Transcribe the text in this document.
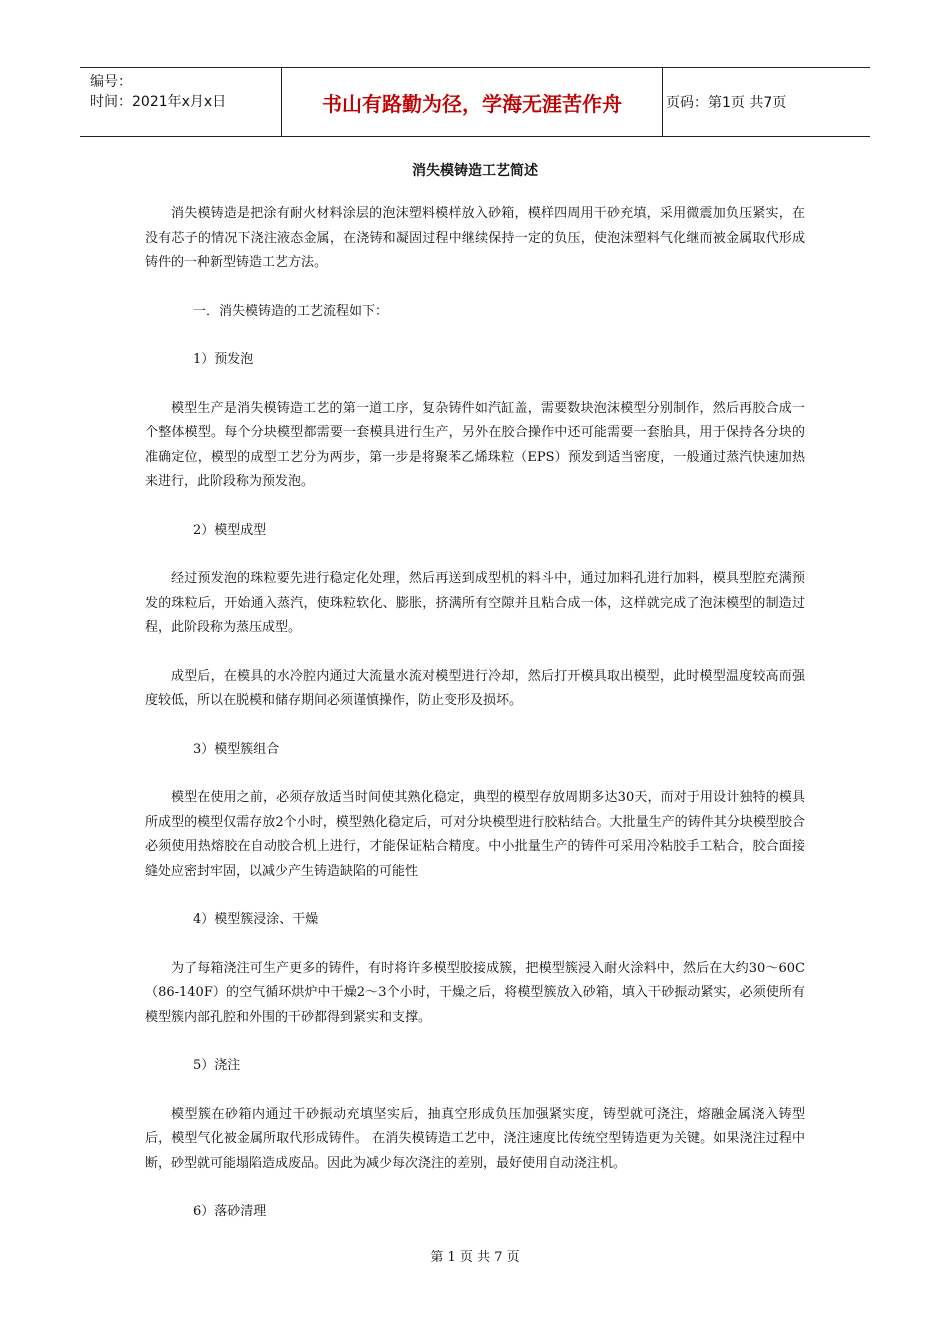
编号：
时间：2021年x月x日	书山有路勤为径，学海无涯苦作舟	页码：第1页 共7页
消失模铸造工艺简述

消失模铸造是把涂有耐火材料涂层的泡沫塑料模样放入砂箱，模样四周用干砂充填，采用微震加负压紧实，在没有芯子的情况下浇注液态金属，在浇铸和凝固过程中继续保持一定的负压，使泡沫塑料气化继而被金属取代形成铸件的一种新型铸造工艺方法。

一．消失模铸造的工艺流程如下：

1）预发泡

模型生产是消失模铸造工艺的第一道工序，复杂铸件如汽缸盖，需要数块泡沫模型分别制作，然后再胶合成一个整体模型。每个分块模型都需要一套模具进行生产，另外在胶合操作中还可能需要一套胎具，用于保持各分块的准确定位，模型的成型工艺分为两步，第一步是将聚苯乙烯珠粒（EPS）预发到适当密度，一般通过蒸汽快速加热来进行，此阶段称为预发泡。

2）模型成型

经过预发泡的珠粒要先进行稳定化处理，然后再送到成型机的料斗中，通过加料孔进行加料，模具型腔充满预发的珠粒后，开始通入蒸汽，使珠粒软化、膨胀，挤满所有空隙并且粘合成一体，这样就完成了泡沫模型的制造过程，此阶段称为蒸压成型。

成型后，在模具的水冷腔内通过大流量水流对模型进行冷却，然后打开模具取出模型，此时模型温度较高而强度较低，所以在脱模和储存期间必须谨慎操作，防止变形及损坏。

3）模型簇组合

模型在使用之前，必须存放适当时间使其熟化稳定，典型的模型存放周期多达30天，而对于用设计独特的模具所成型的模型仅需存放2个小时，模型熟化稳定后，可对分块模型进行胶粘结合。大批量生产的铸件其分块模型胶合必须使用热熔胶在自动胶合机上进行，才能保证粘合精度。中小批量生产的铸件可采用冷粘胶手工粘合，胶合面接缝处应密封牢固，以减少产生铸造缺陷的可能性

4）模型簇浸涂、干燥

为了每箱浇注可生产更多的铸件，有时将许多模型胶接成簇，把模型簇浸入耐火涂料中，然后在大约30～60C（86-140F）的空气循环烘炉中干燥2～3个小时，干燥之后，将模型簇放入砂箱，填入干砂振动紧实，必须使所有模型簇内部孔腔和外围的干砂都得到紧实和支撑。

5）浇注

模型簇在砂箱内通过干砂振动充填坚实后，抽真空形成负压加强紧实度，铸型就可浇注，熔融金属浇入铸型后，模型气化被金属所取代形成铸件。 在消失模铸造工艺中，浇注速度比传统空型铸造更为关键。如果浇注过程中断，砂型就可能塌陷造成废品。因此为减少每次浇注的差别，最好使用自动浇注机。

6）落砂清理

第 1 页 共 7 页
